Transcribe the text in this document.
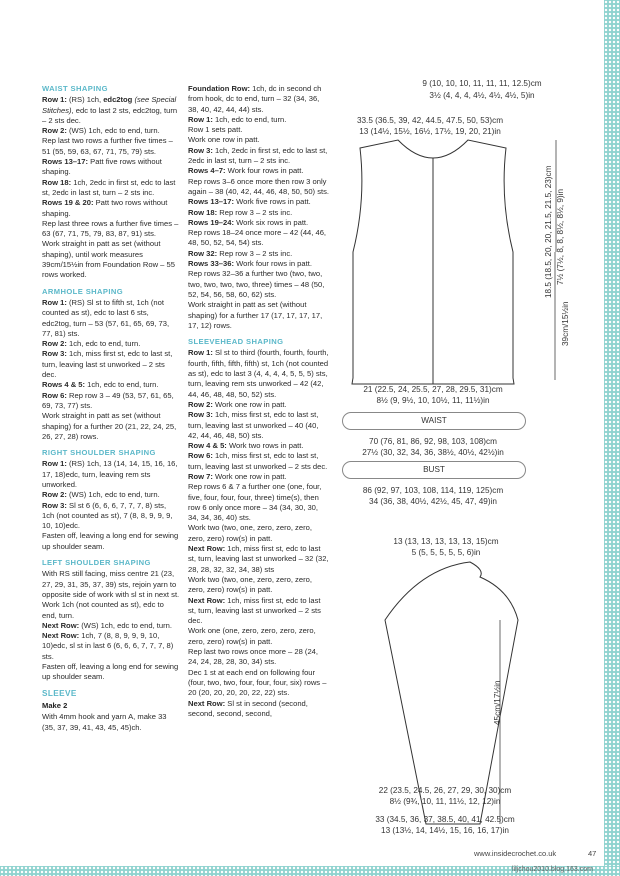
WAIST SHAPING

Row 1: (RS) 1ch, edc2tog (see Special Stitches), edc to last 2 sts, edc2tog, turn – 2 sts dec.

Row 2: (WS) 1ch, edc to end, turn.

Rep last two rows a further five times – 51 (55, 59, 63, 67, 71, 75, 79) sts.

Rows 13–17: Patt five rows without shaping.

Row 18: 1ch, 2edc in first st, edc to last st, 2edc in last st, turn – 2 sts inc.

Rows 19 & 20: Patt two rows without shaping.

Rep last three rows a further five times – 63 (67, 71, 75, 79, 83, 87, 91) sts.

Work straight in patt as set (without shaping), until work measures 39cm/15½in from Foundation Row – 55 rows worked.

ARMHOLE SHAPING

Row 1: (RS) Sl st to fifth st, 1ch (not counted as st), edc to last 6 sts, edc2tog, turn – 53 (57, 61, 65, 69, 73, 77, 81) sts.

Row 2: 1ch, edc to end, turn.

Row 3: 1ch, miss first st, edc to last st, turn, leaving last st unworked – 2 sts dec.

Rows 4 & 5: 1ch, edc to end, turn.

Row 6: Rep row 3 – 49 (53, 57, 61, 65, 69, 73, 77) sts.

Work straight in patt as set (without shaping) for a further 20 (21, 22, 24, 25, 26, 27, 28) rows.

RIGHT SHOULDER SHAPING

Row 1: (RS) 1ch, 13 (14, 14, 15, 16, 16, 17, 18)edc, turn, leaving rem sts unworked.

Row 2: (WS) 1ch, edc to end, turn.

Row 3: Sl st 6 (6, 6, 6, 7, 7, 7, 8) sts, 1ch (not counted as st), 7 (8, 8, 9, 9, 9, 10, 10)edc.

Fasten off, leaving a long end for sewing up shoulder seam.

LEFT SHOULDER SHAPING

With RS still facing, miss centre 21 (23, 27, 29, 31, 35, 37, 39) sts, rejoin yarn to opposite side of work with sl st in next st. Work 1ch (not counted as st), edc to end, turn.

Next Row: (WS) 1ch, edc to end, turn.

Next Row: 1ch, 7 (8, 8, 9, 9, 9, 10, 10)edc, sl st in last 6 (6, 6, 6, 7, 7, 7, 8) sts.

Fasten off, leaving a long end for sewing up shoulder seam.

SLEEVE

Make 2

With 4mm hook and yarn A, make 33 (35, 37, 39, 41, 43, 45, 45)ch.

Foundation Row: 1ch, dc in second ch from hook, dc to end, turn – 32 (34, 36, 38, 40, 42, 44, 44) sts.

Row 1: 1ch, edc to end, turn.

Row 1 sets patt.

Work one row in patt.

Row 3: 1ch, 2edc in first st, edc to last st, 2edc in last st, turn – 2 sts inc.

Rows 4–7: Work four rows in patt.

Rep rows 3–6 once more then row 3 only again – 38 (40, 42, 44, 46, 48, 50, 50) sts.

Rows 13–17: Work five rows in patt.

Row 18: Rep row 3 – 2 sts inc.

Rows 19–24: Work six rows in patt.

Rep rows 18–24 once more – 42 (44, 46, 48, 50, 52, 54, 54) sts.

Row 32: Rep row 3 – 2 sts inc.

Rows 33–36: Work four rows in patt.

Rep rows 32–36 a further two (two, two, two, two, two, two, three) times – 48 (50, 52, 54, 56, 58, 60, 62) sts.

Work straight in patt as set (without shaping) for a further 17 (17, 17, 17, 17, 17, 12) rows.

SLEEVEHEAD SHAPING

Row 1: Sl st to third (fourth, fourth, fourth, fourth, fifth, fifth, fifth) st, 1ch (not counted as st), edc to last 3 (4, 4, 4, 4, 5, 5, 5) sts, turn, leaving rem sts unworked – 42 (42, 44, 46, 48, 48, 50, 52) sts.

Row 2: Work one row in patt.

Row 3: 1ch, miss first st, edc to last st, turn, leaving last st unworked – 40 (40, 42, 44, 46, 48, 50) sts.

Row 4 & 5: Work two rows in patt.

Row 6: 1ch, miss first st, edc to last st, turn, leaving last st unworked – 2 sts dec.

Row 7: Work one row in patt.

Rep rows 6 & 7 a further one (one, four, five, four, four, four, three) time(s), then row 6 only once more – 34 (34, 30, 30, 34, 34, 36, 40) sts.

Work two (two, one, zero, zero, zero, zero, zero) row(s) in patt.

Next Row: 1ch, miss first st, edc to last st, turn, leaving last st unworked – 32 (32, 28, 28, 32, 32, 34, 38) sts

Work two (two, one, zero, zero, zero, zero, zero) row(s) in patt.

Next Row: 1ch, miss first st, edc to last st, turn, leaving last st unworked – 2 sts dec.

Work one (one, zero, zero, zero, zero, zero, zero) row(s) in patt.

Rep last two rows once more – 28 (24, 24, 24, 28, 28, 30, 34) sts.

Dec 1 st at each end on following four (four, two, two, four, four, four, six) rows – 20 (20, 20, 20, 20, 22, 22) sts.

Next Row: Sl st in second (second, second, second, second,

9 (10, 10, 10, 11, 11, 11, 12.5)cm
3½ (4, 4, 4, 4½, 4½, 4½, 5)in
33.5 (36.5, 39, 42, 44.5, 47.5, 50, 53)cm
13 (14½, 15½, 16½, 17½, 19, 20, 21)in
18.5 (18.5, 20, 20, 21.5, 21.5, 23)cm 7½ (7½, 8, 8, 8½, 8½, 9)in
39cm/15½in
21 (22.5, 24, 25.5, 27, 28, 29.5, 31)cm
8½ (9, 9½, 10, 10½, 11, 11½)in
WAIST
70 (76, 81, 86, 92, 98, 103, 108)cm
27½ (30, 32, 34, 36, 38½, 40½, 42½)in
BUST
86 (92, 97, 103, 108, 114, 119, 125)cm
34 (36, 38, 40½, 42½, 45, 47, 49)in
13 (13, 13, 13, 13, 13, 15)cm
5 (5, 5, 5, 5, 5, 6)in
45cm/17½in
22 (23.5, 24.5, 26, 27, 29, 30, 30)cm
8½ (9¾, 10, 11, 11½, 12, 12)in
33 (34.5, 36, 37, 38.5, 40, 41, 42.5)cm
13 (13½, 14, 14½, 15, 16, 16, 17)in
www.insidecrochet.co.uk	47
liljchou2010.blog.163.com
